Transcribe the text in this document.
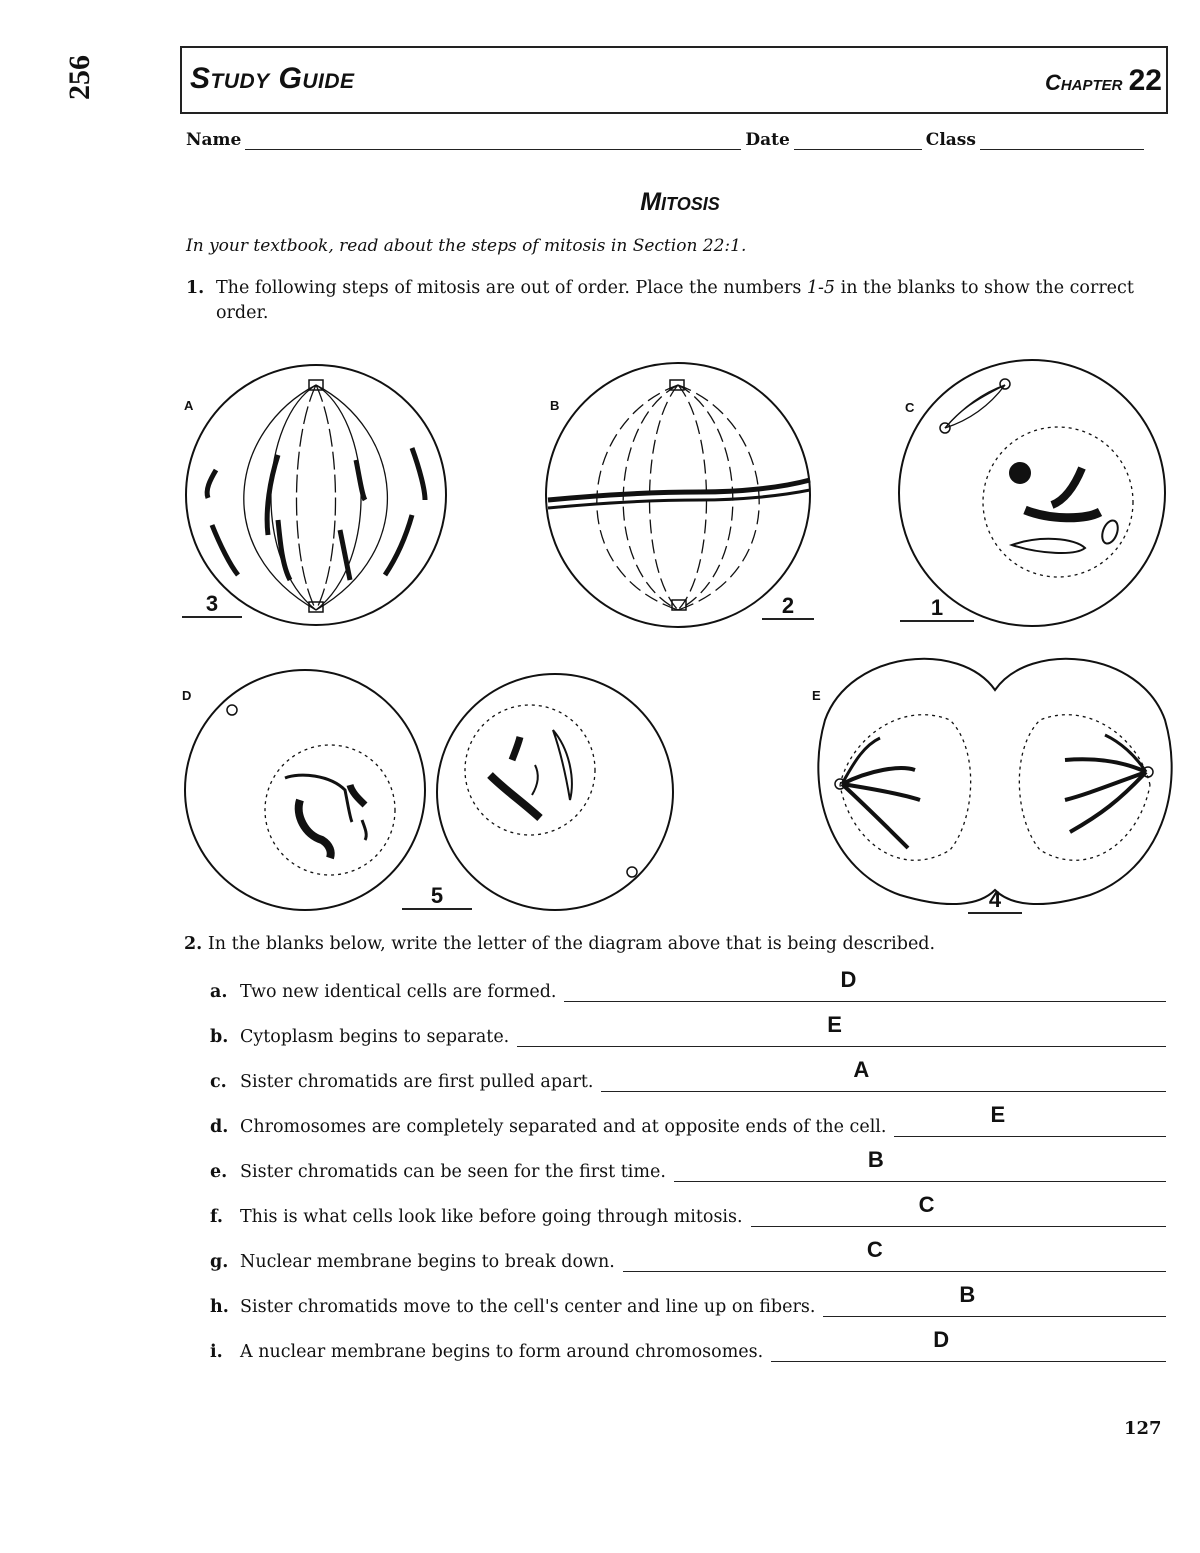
256	Study Guide	Chapter 22
Name	Date	Class
Mitosis
In your textbook, read about the steps of mitosis in Section 22:1.
1. The following steps of mitosis are out of order. Place the numbers 1-5 in the blanks to show the correct order.
A	B	C
D	E
3	2	1
5	4
2. In the blanks below, write the letter of the diagram above that is being described.
a. Two new identical cells are formed.	D
b. Cytoplasm begins to separate.	E
c. Sister chromatids are first pulled apart.	A
d. Chromosomes are completely separated and at opposite ends of the cell.	E
e. Sister chromatids can be seen for the first time.	B
f. This is what cells look like before going through mitosis.	C
g. Nuclear membrane begins to break down.	C
h. Sister chromatids move to the cell's center and line up on fibers.	B
i. A nuclear membrane begins to form around chromosomes.	D
127
